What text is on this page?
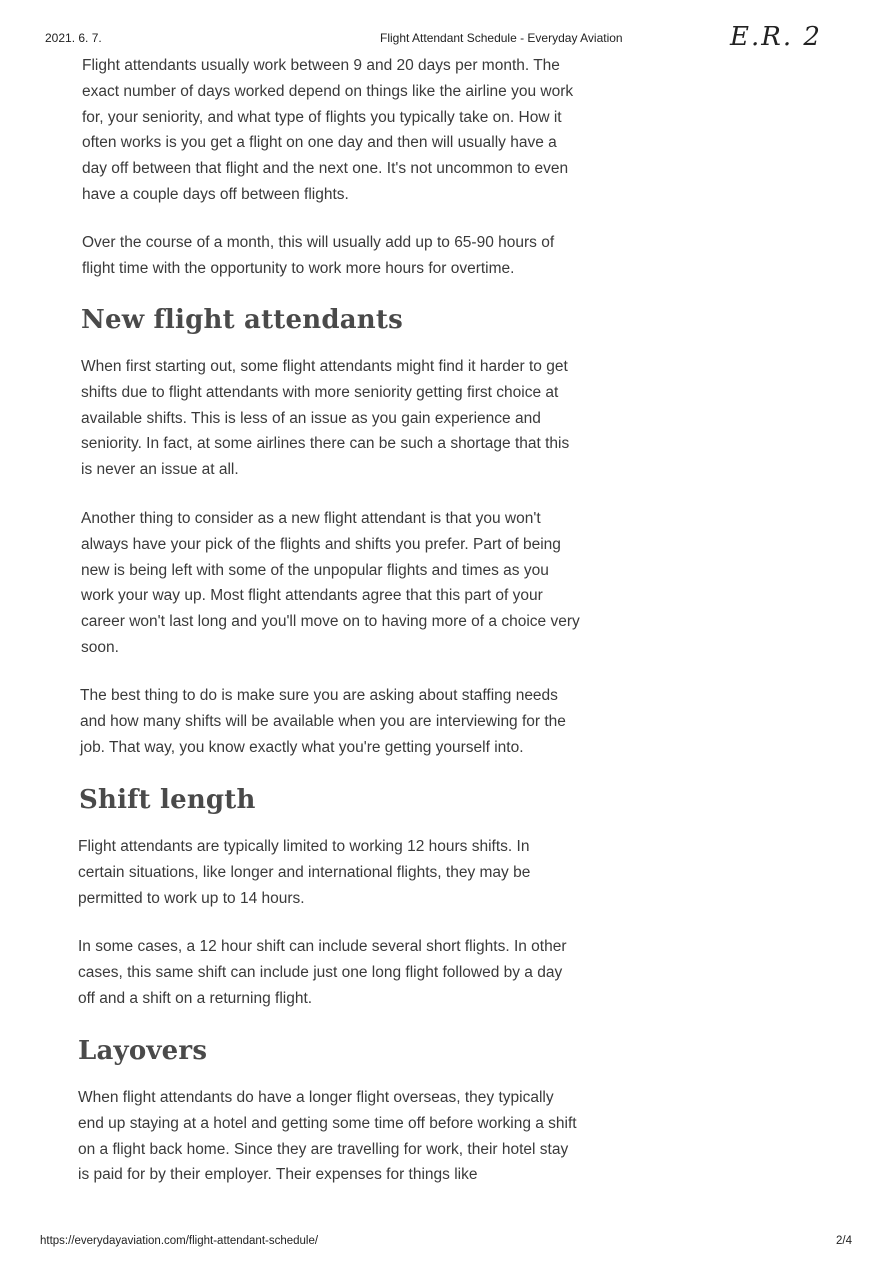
2021. 6. 7.	Flight Attendant Schedule - Everyday Aviation	E.R. 2

Flight attendants usually work between 9 and 20 days per month. The exact number of days worked depend on things like the airline you work for, your seniority, and what type of flights you typically take on. How it often works is you get a flight on one day and then will usually have a day off between that flight and the next one. It's not uncommon to even have a couple days off between flights.

Over the course of a month, this will usually add up to 65-90 hours of flight time with the opportunity to work more hours for overtime.

New flight attendants

When first starting out, some flight attendants might find it harder to get shifts due to flight attendants with more seniority getting first choice at available shifts. This is less of an issue as you gain experience and seniority. In fact, at some airlines there can be such a shortage that this is never an issue at all.

Another thing to consider as a new flight attendant is that you won't always have your pick of the flights and shifts you prefer. Part of being new is being left with some of the unpopular flights and times as you work your way up. Most flight attendants agree that this part of your career won't last long and you'll move on to having more of a choice very soon.

The best thing to do is make sure you are asking about staffing needs and how many shifts will be available when you are interviewing for the job. That way, you know exactly what you're getting yourself into.

Shift length

Flight attendants are typically limited to working 12 hours shifts. In certain situations, like longer and international flights, they may be permitted to work up to 14 hours.

In some cases, a 12 hour shift can include several short flights. In other cases, this same shift can include just one long flight followed by a day off and a shift on a returning flight.

Layovers

When flight attendants do have a longer flight overseas, they typically end up staying at a hotel and getting some time off before working a shift on a flight back home. Since they are travelling for work, their hotel stay is paid for by their employer. Their expenses for things like

https://everydayaviation.com/flight-attendant-schedule/	2/4
